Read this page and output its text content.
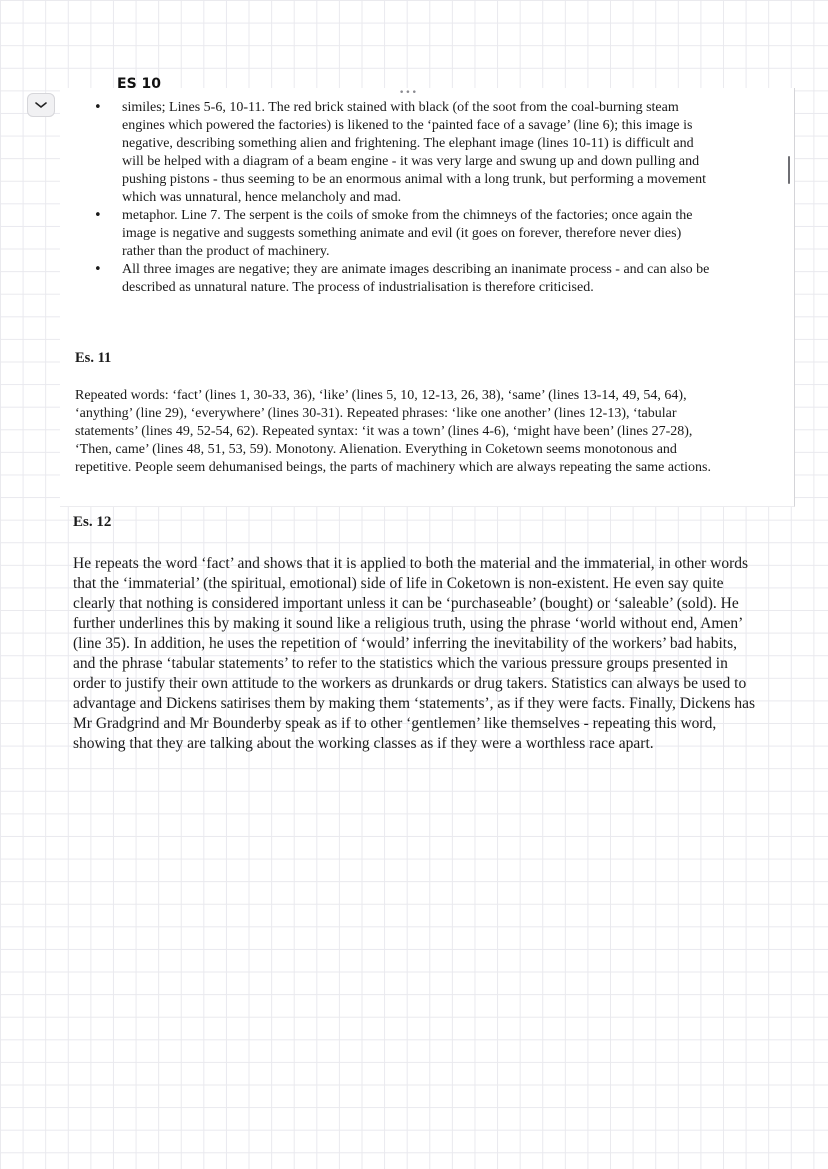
•••
ES 10
• similes; Lines 5-6, 10-11. The red brick stained with black (of the soot from the coal-burning steam engines which powered the factories) is likened to the ‘painted face of a savage’ (line 6); this image is negative, describing something alien and frightening. The elephant image (lines 10-11) is difficult and will be helped with a diagram of a beam engine - it was very large and swung up and down pulling and pushing pistons - thus seeming to be an enormous animal with a long trunk, but performing a movement which was unnatural, hence melancholy and mad.
• metaphor. Line 7. The serpent is the coils of smoke from the chimneys of the factories; once again the image is negative and suggests something animate and evil (it goes on forever, therefore never dies) rather than the product of machinery.
• All three images are negative; they are animate images describing an inanimate process - and can also be described as unnatural nature. The process of industrialisation is therefore criticised.
Es. 11

Repeated words: ‘fact’ (lines 1, 30-33, 36), ‘like’ (lines 5, 10, 12-13, 26, 38), ‘same’ (lines 13-14, 49, 54, 64), ‘anything’ (line 29), ‘everywhere’ (lines 30-31). Repeated phrases: ‘like one another’ (lines 12-13), ‘tabular statements’ (lines 49, 52-54, 62). Repeated syntax: ‘it was a town’ (lines 4-6), ‘might have been’ (lines 27-28), ‘Then, came’ (lines 48, 51, 53, 59). Monotony. Alienation. Everything in Coketown seems monotonous and repetitive. People seem dehumanised beings, the parts of machinery which are always repeating the same actions.

Es. 12

He repeats the word ‘fact’ and shows that it is applied to both the material and the immaterial, in other words that the ‘immaterial’ (the spiritual, emotional) side of life in Coketown is non-existent. He even say quite clearly that nothing is considered important unless it can be ‘purchaseable’ (bought) or ‘saleable’ (sold). He further underlines this by making it sound like a religious truth, using the phrase ‘world without end, Amen’ (line 35). In addition, he uses the repetition of ‘would’ inferring the inevitability of the workers’ bad habits, and the phrase ‘tabular statements’ to refer to the statistics which the various pressure groups presented in order to justify their own attitude to the workers as drunkards or drug takers. Statistics can always be used to advantage and Dickens satirises them by making them ‘statements’, as if they were facts. Finally, Dickens has Mr Gradgrind and Mr Bounderby speak as if to other ‘gentlemen’ like themselves - repeating this word, showing that they are talking about the working classes as if they were a worthless race apart.
